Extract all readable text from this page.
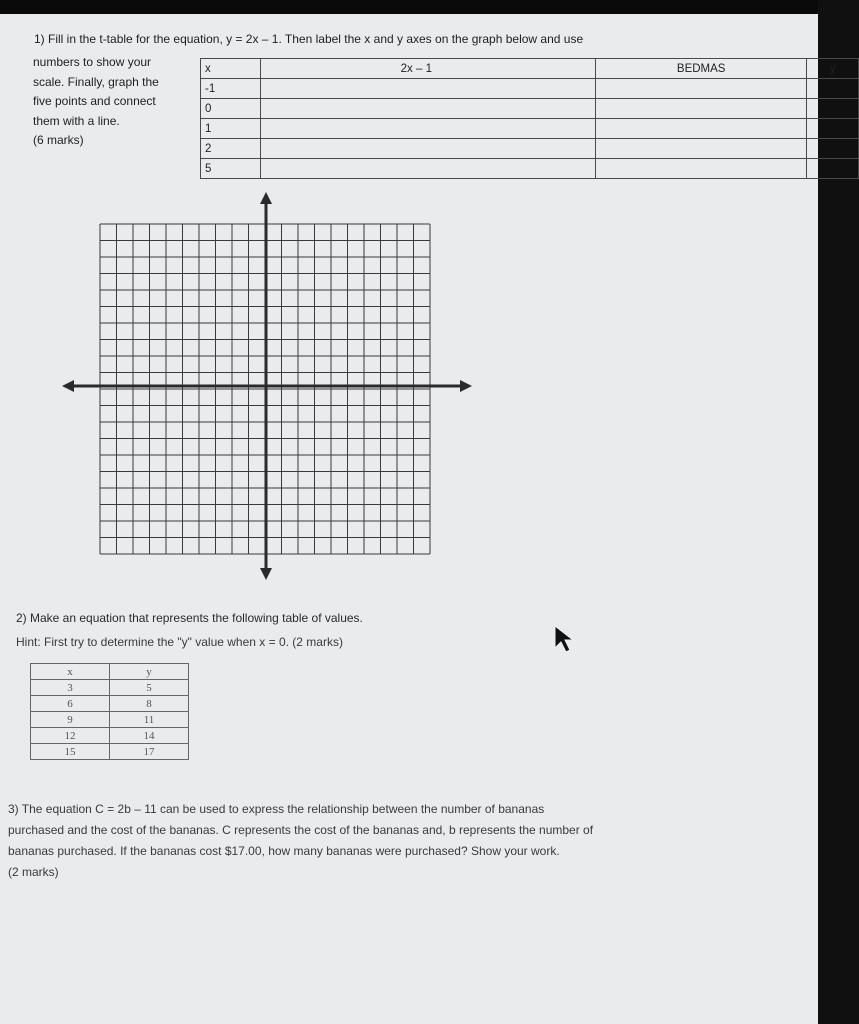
1) Fill in the t-table for the equation, y = 2x – 1. Then label the x and y axes on the graph below and use
numbers to show your
scale. Finally, graph the
five points and connect
them with a line.
(6 marks)
x	2x – 1	BEDMAS	y
-1			
0			
1			
2			
5			
2) Make an equation that represents the following table of values.
Hint: First try to determine the "y" value when x = 0. (2 marks)
x	y
3	5
6	8
9	11
12	14
15	17
3) The equation C = 2b – 11 can be used to express the relationship between the number of bananas
purchased and the cost of the bananas. C represents the cost of the bananas and, b represents the number of
bananas purchased. If the bananas cost $17.00, how many bananas were purchased? Show your work.
(2 marks)
